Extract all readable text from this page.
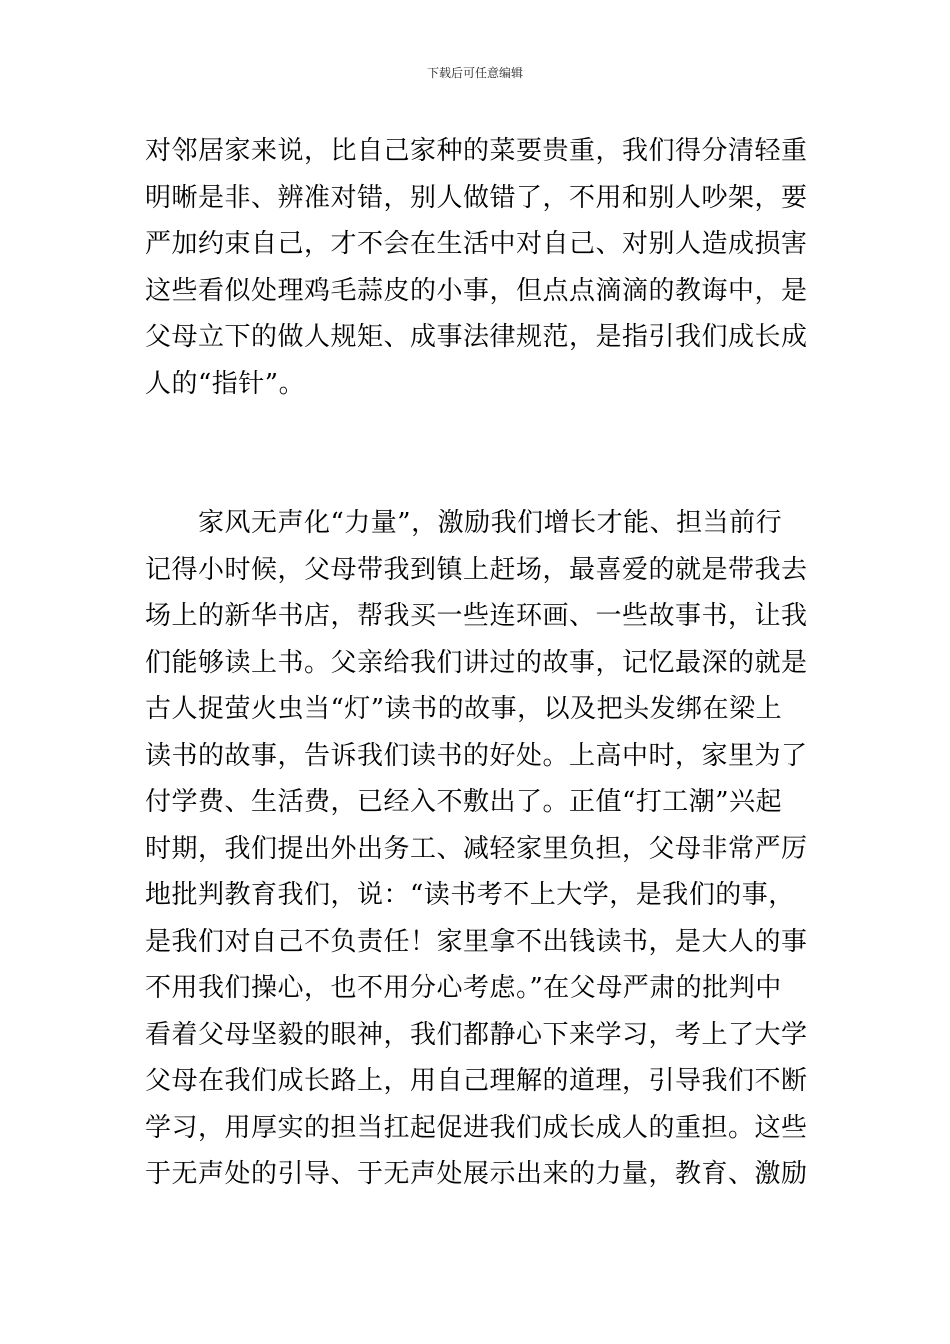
下载后可任意编辑
对邻居家来说，比自己家种的菜要贵重，我们得分清轻重
明晰是非、辨准对错，别人做错了，不用和别人吵架，要
严加约束自己，才不会在生活中对自己、对别人造成损害
这些看似处理鸡毛蒜皮的小事，但点点滴滴的教诲中，是
父母立下的做人规矩、成事法律规范，是指引我们成长成
人的“指针”。
家风无声化“力量”，激励我们增长才能、担当前行
记得小时候，父母带我到镇上赶场，最喜爱的就是带我去
场上的新华书店，帮我买一些连环画、一些故事书，让我
们能够读上书。父亲给我们讲过的故事，记忆最深的就是
古人捉萤火虫当“灯”读书的故事，以及把头发绑在梁上
读书的故事，告诉我们读书的好处。上高中时，家里为了
付学费、生活费，已经入不敷出了。正值“打工潮”兴起
时期，我们提出外出务工、减轻家里负担，父母非常严厉
地批判教育我们，说：“读书考不上大学，是我们的事，
是我们对自己不负责任！家里拿不出钱读书，是大人的事
不用我们操心，也不用分心考虑。”在父母严肃的批判中
看着父母坚毅的眼神，我们都静心下来学习，考上了大学
父母在我们成长路上，用自己理解的道理，引导我们不断
学习，用厚实的担当扛起促进我们成长成人的重担。这些
于无声处的引导、于无声处展示出来的力量，教育、激励
